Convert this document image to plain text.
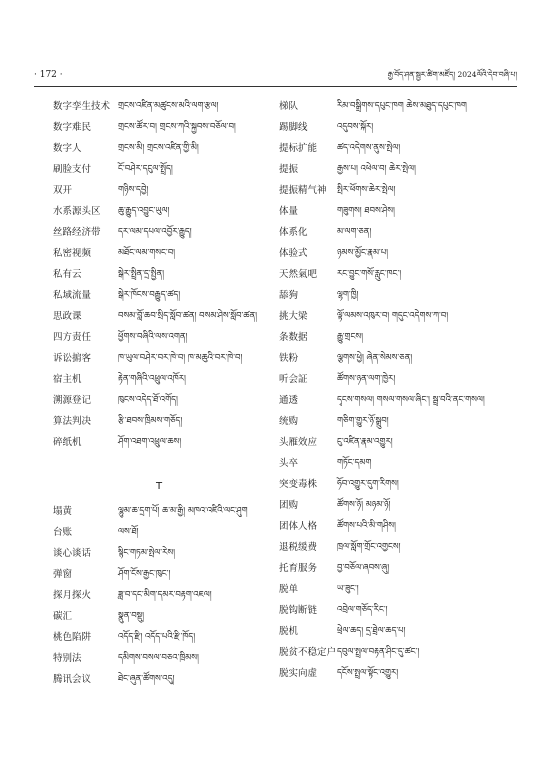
· 172 ·	རྒྱ་བོད་ཤན་སྦྱར་ཚིག་མཛོད། 2024ལོའི་དེབ་བཞི་པ།
数字孪生技术 གྲངས་འཛིན་མཚུངས་མའི་ལག་རྩལ།
数字难民	གྲངས་ཚོར་བ། གྲངས་ཀའི་སྐྱབས་བཅོལ་བ།
数字人	གྲངས་མི། གྲངས་འཛིན་གྱི་མི།
刷脸支付	ངོ་བཤེར་དངུལ་སྤྲོད།
双开	གཉིས་དབྱེ།
水系源头区	ཆུ་རྒྱུད་འབྱུང་ཡུལ།
丝路经济带	དར་ལམ་དཔལ་འབྱོར་རྒྱུད།
私密视频	མཐོང་ལམ་གསང་བ།
私有云	སྒེར་སྤྲིན་དྲ་སྤྱིན།
私域流量	སྒེར་ཁོངས་བརྒྱུད་ཚད།
思政课	བསམ་བློ་ཆབ་སྲིད་སློབ་ཚན། བསམ་ཤེས་སློབ་ཚན།
四方责任	ཕྱོགས་བཞིའི་ལས་འགན།
诉讼掮客	ཁ་ཡུལ་བཤེར་བར་ཁེ་བ། ཁ་མཆུའི་བར་ཁེ་བ།
宿主机	རྟེན་གཞིའི་འཕྲུལ་འཁོར།
溯源登记	ཁུངས་འདེད་ཐོ་འགོད།
算法判决	རྩི་ཐབས་ཁྲིམས་གཅོད།
碎纸机	ཤོག་འཐག་འཕྲུལ་ཆས།
T
塌黄	ལྷུམ་ཆ་དྲག་པོ། ཆ་མ་རྒྱི། མཁའ་འཛིའི་ལང་ཤུག
台账	ལས་ཐོ།
谈心谈话	སྙིང་གཏམ་སྤེལ་རེས།
弹窗	ཤོག་ངོས་རྒྱང་ཁུང་།
探月探火	ཟླ་བ་དང་མིག་དམར་བརྟག་འཇལ།
碳汇	སྣུན་བསྡུ།
桃色陷阱	འདོད་རྫི། འདོད་པའི་རྫི་ཁོད།
特别法	དམིགས་བསལ་བཅའ་ཁྲིམས།
腾讯会议	ཐེང་ཞུན་ཚོགས་འདུ།
梯队	རིམ་བསྒྲིགས་དཔུང་ཁག ཆེས་མཐུད་དཔུང་ཁག
踢脚线	འདུབས་སྐོར།
提标扩能	ཚད་འདེགས་ནུས་སྤེལ།
提振	རྒྱས་པ། འཕེལ་བ། ཆེར་སྤེལ།
提振精气神	སྤིར་ཕོགས་ཆེར་སྤེལ།
体量	གཟུགས། ཐབས་ཤེས།
体系化	མ་ལག་ཅན།
体验式	ཉམས་མྱོང་རྣམ་པ།
天然氣吧	རང་བྱུང་གསོ་རླུང་ཁང་།
舔狗	ལྷག་ཁྱི།
挑大梁	ལྟོ་ལམས་འཁུར་བ། གདུང་འདེགས་ཀ་བ།
条数据	རྒྱུ་གྲངས།
铁粉	ལྕགས་ཕྱེ། ཞེན་སེམས་ཅན།
听会証	ཚོགས་ཉན་ལག་ཁྱེར།
通透	དྭངས་གསལ། གསལ་གསལ་ཞིང་། སྦྲ་བའི་ནང་གསལ།
统购	གཅིག་གྱུར་ཉོ་སྒྲུབ།
头雁效应	ངུ་འཛིན་རྣམ་འགྱུར།
头卒	གཏོང་དམག
突变毒株	ཧོབ་འགྱུར་དུག་རིགས།
团购	ཚོགས་ཉོ། མཉམ་ཉོ།
团体人格	ཚོགས་པའི་མི་གཤིས།
退税缓费	ཁྲལ་སློག་གྲོང་འགྱངས།
托育服务	བྱ་བཅོལ་ཞབས་ཞུ།
脱单	ཡ་ཟུང་།
脱钩断链	འབྲེལ་གཅོད་རིང་།
脱机	ཕྲེལ་ཆད། དྲ་ཐྲེལ་ཆད་པ།
脱贫不稳定户 དབུལ་སྤྲལ་བརྟན་ཤིང་དུ་ཚང་།
脱实向虚	དངོས་སྤྲལ་སྟོང་འགྱུར།
